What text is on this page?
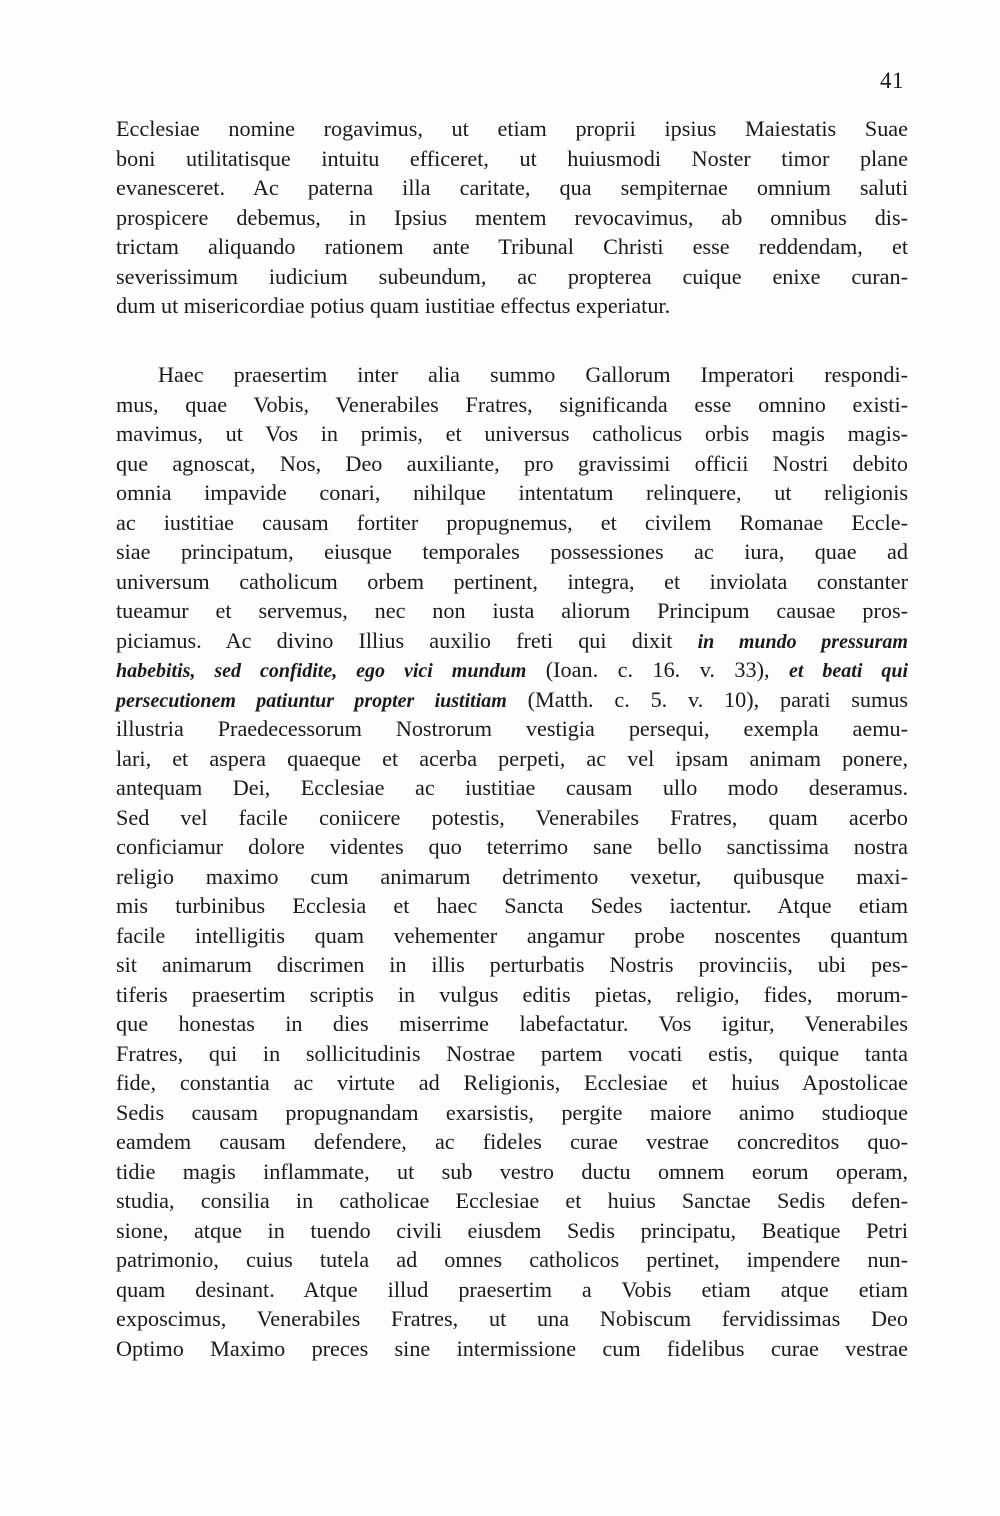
41
Ecclesiae nomine rogavimus, ut etiam proprii ipsius Maiestatis Suae
boni utilitatisque intuitu efficeret, ut huiusmodi Noster timor plane
evanesceret. Ac paterna illa caritate, qua sempiternae omnium saluti
prospicere debemus, in Ipsius mentem revocavimus, ab omnibus dis-
trictam aliquando rationem ante Tribunal Christi esse reddendam, et
severissimum iudicium subeundum, ac propterea cuique enixe curan-
dum ut misericordiae potius quam iustitiae effectus experiatur.
Haec praesertim inter alia summo Gallorum Imperatori respondi-
mus, quae Vobis, Venerabiles Fratres, significanda esse omnino existi-
mavimus, ut Vos in primis, et universus catholicus orbis magis magis-
que agnoscat, Nos, Deo auxiliante, pro gravissimi officii Nostri debito
omnia impavide conari, nihilque intentatum relinquere, ut religionis
ac iustitiae causam fortiter propugnemus, et civilem Romanae Eccle-
siae principatum, eiusque temporales possessiones ac iura, quae ad
universum catholicum orbem pertinent, integra, et inviolata constanter
tueamur et servemus, nec non iusta aliorum Principum causae pros-
piciamus. Ac divino Illius auxilio freti qui dixit in mundo pressuram
habebitis, sed confidite, ego vici mundum (Ioan. c. 16. v. 33), et beati qui
persecutionem patiuntur propter iustitiam (Matth. c. 5. v. 10), parati sumus
illustria Praedecessorum Nostrorum vestigia persequi, exempla aemu-
lari, et aspera quaeque et acerba perpeti, ac vel ipsam animam ponere,
antequam Dei, Ecclesiae ac iustitiae causam ullo modo deseramus.
Sed vel facile coniicere potestis, Venerabiles Fratres, quam acerbo
conficiamur dolore videntes quo teterrimo sane bello sanctissima nostra
religio maximo cum animarum detrimento vexetur, quibusque maxi-
mis turbinibus Ecclesia et haec Sancta Sedes iactentur. Atque etiam
facile intelligitis quam vehementer angamur probe noscentes quantum
sit animarum discrimen in illis perturbatis Nostris provinciis, ubi pes-
tiferis praesertim scriptis in vulgus editis pietas, religio, fides, morum-
que honestas in dies miserrime labefactatur. Vos igitur, Venerabiles
Fratres, qui in sollicitudinis Nostrae partem vocati estis, quique tanta
fide, constantia ac virtute ad Religionis, Ecclesiae et huius Apostolicae
Sedis causam propugnandam exarsistis, pergite maiore animo studioque
eamdem causam defendere, ac fideles curae vestrae concreditos quo-
tidie magis inflammate, ut sub vestro ductu omnem eorum operam,
studia, consilia in catholicae Ecclesiae et huius Sanctae Sedis defen-
sione, atque in tuendo civili eiusdem Sedis principatu, Beatique Petri
patrimonio, cuius tutela ad omnes catholicos pertinet, impendere nun-
quam desinant. Atque illud praesertim a Vobis etiam atque etiam
exposcimus, Venerabiles Fratres, ut una Nobiscum fervidissimas Deo
Optimo Maximo preces sine intermissione cum fidelibus curae vestrae
